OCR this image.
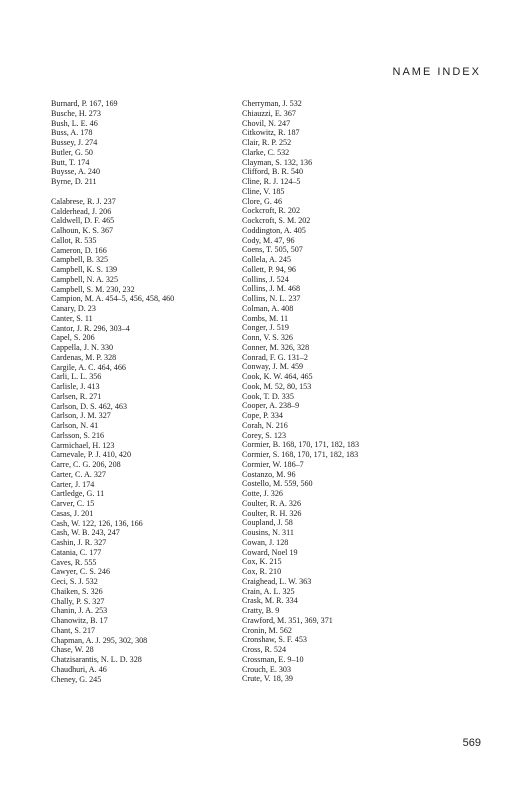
NAME INDEX
Burnard, P. 167, 169
Busche, H. 273
Bush, L. E. 46
Buss, A. 178
Bussey, J. 274
Butler, G. 50
Butt, T. 174
Buysse, A. 240
Byrne, D. 211
Calabrese, R. J. 237
Calderhead, J. 206
Caldwell, D. F. 465
Calhoun, K. S. 367
Callot, R. 535
Cameron, D. 166
Campbell, B. 325
Campbell, K. S. 139
Campbell, N. A. 325
Campbell, S. M. 230, 232
Campion, M. A. 454–5, 456, 458, 460
Canary, D. 23
Canter, S. 11
Cantor, J. R. 296, 303–4
Capel, S. 206
Cappella, J. N. 330
Cardenas, M. P. 328
Cargile, A. C. 464, 466
Carli, L. L. 356
Carlisle, J. 413
Carlsen, R. 271
Carlson, D. S. 462, 463
Carlson, J. M. 327
Carlson, N. 41
Carlsson, S. 216
Carmichael, H. 123
Carnevale, P. J. 410, 420
Carre, C. G. 206, 208
Carter, C. A. 327
Carter, J. 174
Cartledge, G. 11
Carver, C. 15
Casas, J. 201
Cash, W. 122, 126, 136, 166
Cash, W. B. 243, 247
Cashin, J. R. 327
Catania, C. 177
Caves, R. 555
Cawyer, C. S. 246
Ceci, S. J. 532
Chaiken, S. 326
Chally, P. S. 327
Chanin, J. A. 253
Chanowitz, B. 17
Chant, S. 217
Chapman, A. J. 295, 302, 308
Chase, W. 28
Chatzisarantis, N. L. D. 328
Chaudhuri, A. 46
Cheney, G. 245
Cherryman, J. 532
Chiauzzi, E. 367
Chovil, N. 247
Citkowitz, R. 187
Clair, R. P. 252
Clarke, C. 532
Clayman, S. 132, 136
Clifford, B. R. 540
Cline, R. J. 124–5
Cline, V. 185
Clore, G. 46
Cockcroft, R. 202
Cockcroft, S. M. 202
Coddington, A. 405
Cody, M. 47, 96
Coens, T. 505, 507
Collela, A. 245
Collett, P. 94, 96
Collins, J. 524
Collins, J. M. 468
Collins, N. L. 237
Colman, A. 408
Combs, M. 11
Conger, J. 519
Conn, V. S. 326
Conner, M. 326, 328
Conrad, F. G. 131–2
Conway, J. M. 459
Cook, K. W. 464, 465
Cook, M. 52, 80, 153
Cook, T. D. 335
Cooper, A. 238–9
Cope, P. 334
Corah, N. 216
Corey, S. 123
Cormier, B. 168, 170, 171, 182, 183
Cormier, S. 168, 170, 171, 182, 183
Cormier, W. 186–7
Costanzo, M. 96
Costello, M. 559, 560
Cotte, J. 326
Coulter, R. A. 326
Coulter, R. H. 326
Coupland, J. 58
Cousins, N. 311
Cowan, J. 128
Coward, Noel 19
Cox, K. 215
Cox, R. 210
Craighead, L. W. 363
Crain, A. L. 325
Crask, M. R. 334
Cratty, B. 9
Crawford, M. 351, 369, 371
Cronin, M. 562
Cronshaw, S. F. 453
Cross, R. 524
Crossman, E. 9–10
Crouch, E. 303
Crute, V. 18, 39
569
